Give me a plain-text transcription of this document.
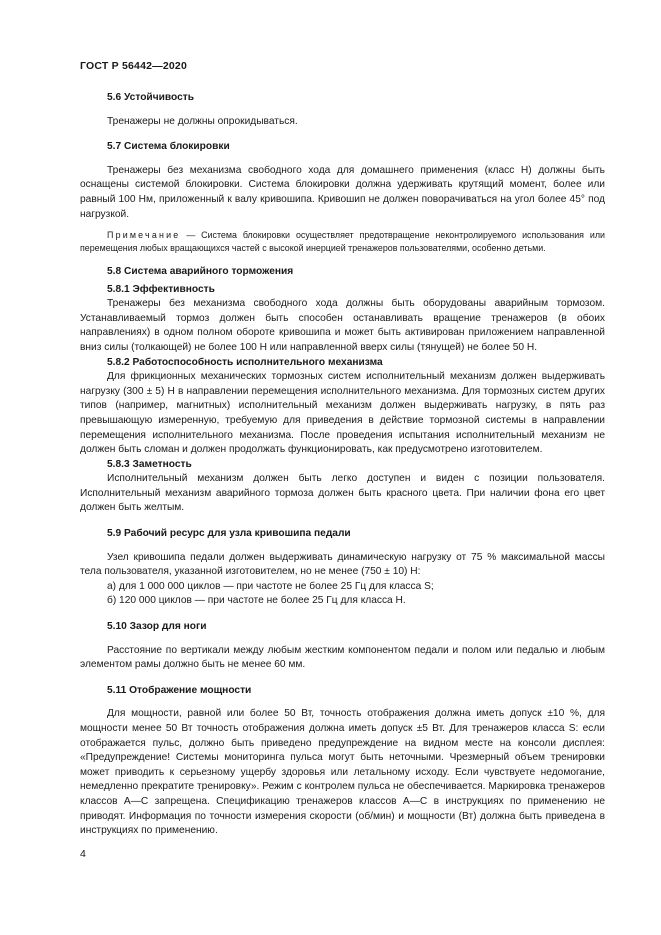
ГОСТ Р 56442—2020
5.6 Устойчивость

Тренажеры не должны опрокидываться.

5.7 Система блокировки

Тренажеры без механизма свободного хода для домашнего применения (класс Н) должны быть оснащены системой блокировки. Система блокировки должна удерживать крутящий момент, более или равный 100 Нм, приложенный к валу кривошипа. Кривошип не должен поворачиваться на угол более 45° под нагрузкой.

Примечание — Система блокировки осуществляет предотвращение неконтролируемого использования или перемещения любых вращающихся частей с высокой инерцией тренажеров пользователями, особенно детьми.

5.8 Система аварийного торможения
5.8.1 Эффективность

Тренажеры без механизма свободного хода должны быть оборудованы аварийным тормозом. Устанавливаемый тормоз должен быть способен останавливать вращение тренажеров (в обоих направлениях) в одном полном обороте кривошипа и может быть активирован приложением направленной вниз силы (толкающей) не более 100 Н или направленной вверх силы (тянущей) не более 50 Н.

5.8.2 Работоспособность исполнительного механизма

Для фрикционных механических тормозных систем исполнительный механизм должен выдерживать нагрузку (300 ± 5) Н в направлении перемещения исполнительного механизма. Для тормозных систем других типов (например, магнитных) исполнительный механизм должен выдерживать нагрузку, в пять раз превышающую измеренную, требуемую для приведения в действие тормозной системы в направлении перемещения исполнительного механизма. После проведения испытания исполнительный механизм не должен быть сломан и должен продолжать функционировать, как предусмотрено изготовителем.

5.8.3 Заметность

Исполнительный механизм должен быть легко доступен и виден с позиции пользователя. Исполнительный механизм аварийного тормоза должен быть красного цвета. При наличии фона его цвет должен быть желтым.

5.9 Рабочий ресурс для узла кривошипа педали

Узел кривошипа педали должен выдерживать динамическую нагрузку от 75 % максимальной массы тела пользователя, указанной изготовителем, но не менее (750 ± 10) Н:

а) для 1 000 000 циклов — при частоте не более 25 Гц для класса S;

б) 120 000 циклов — при частоте не более 25 Гц для класса Н.

5.10 Зазор для ноги

Расстояние по вертикали между любым жестким компонентом педали и полом или педалью и любым элементом рамы должно быть не менее 60 мм.

5.11 Отображение мощности

Для мощности, равной или более 50 Вт, точность отображения должна иметь допуск ±10 %, для мощности менее 50 Вт точность отображения должна иметь допуск ±5 Вт. Для тренажеров класса S: если отображается пульс, должно быть приведено предупреждение на видном месте на консоли дисплея: «Предупреждение! Системы мониторинга пульса могут быть неточными. Чрезмерный объем тренировки может приводить к серьезному ущербу здоровья или летальному исходу. Если чувствуете недомогание, немедленно прекратите тренировку». Режим с контролем пульса не обеспечивается. Маркировка тренажеров классов А—С запрещена. Спецификацию тренажеров классов А—С в инструкциях по применению не приводят. Информация по точности измерения скорости (об/мин) и мощности (Вт) должна быть приведена в инструкциях по применению.

4
